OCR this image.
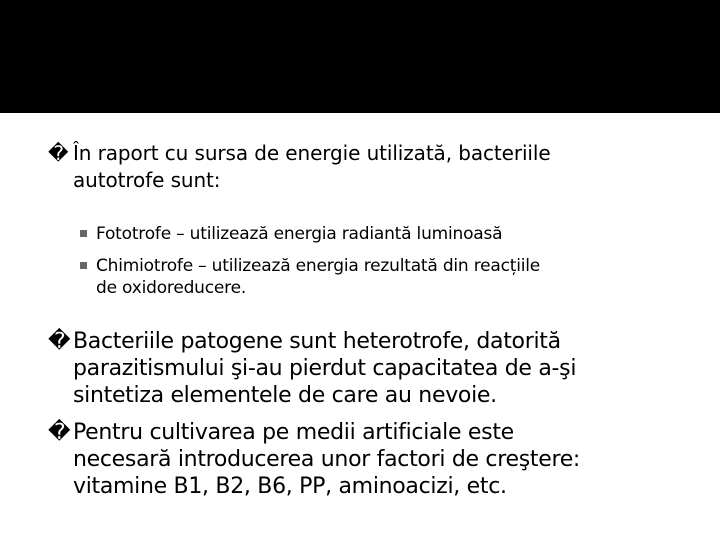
� În raport cu sursa de energie utilizată, bacteriile
autotrofe sunt:
Fototrofe – utilizează energia radiantă luminoasă
Chimiotrofe – utilizează energia rezultată din reacțiile
de oxidoreducere.
� Bacteriile patogene sunt heterotrofe, datorită
parazitismului şi-au pierdut capacitatea de a-şi
sintetiza elementele de care au nevoie.
� Pentru cultivarea pe medii artificiale este
necesară introducerea unor factori de creştere:
vitamine B1, B2, B6, PP, aminoacizi, etc.
